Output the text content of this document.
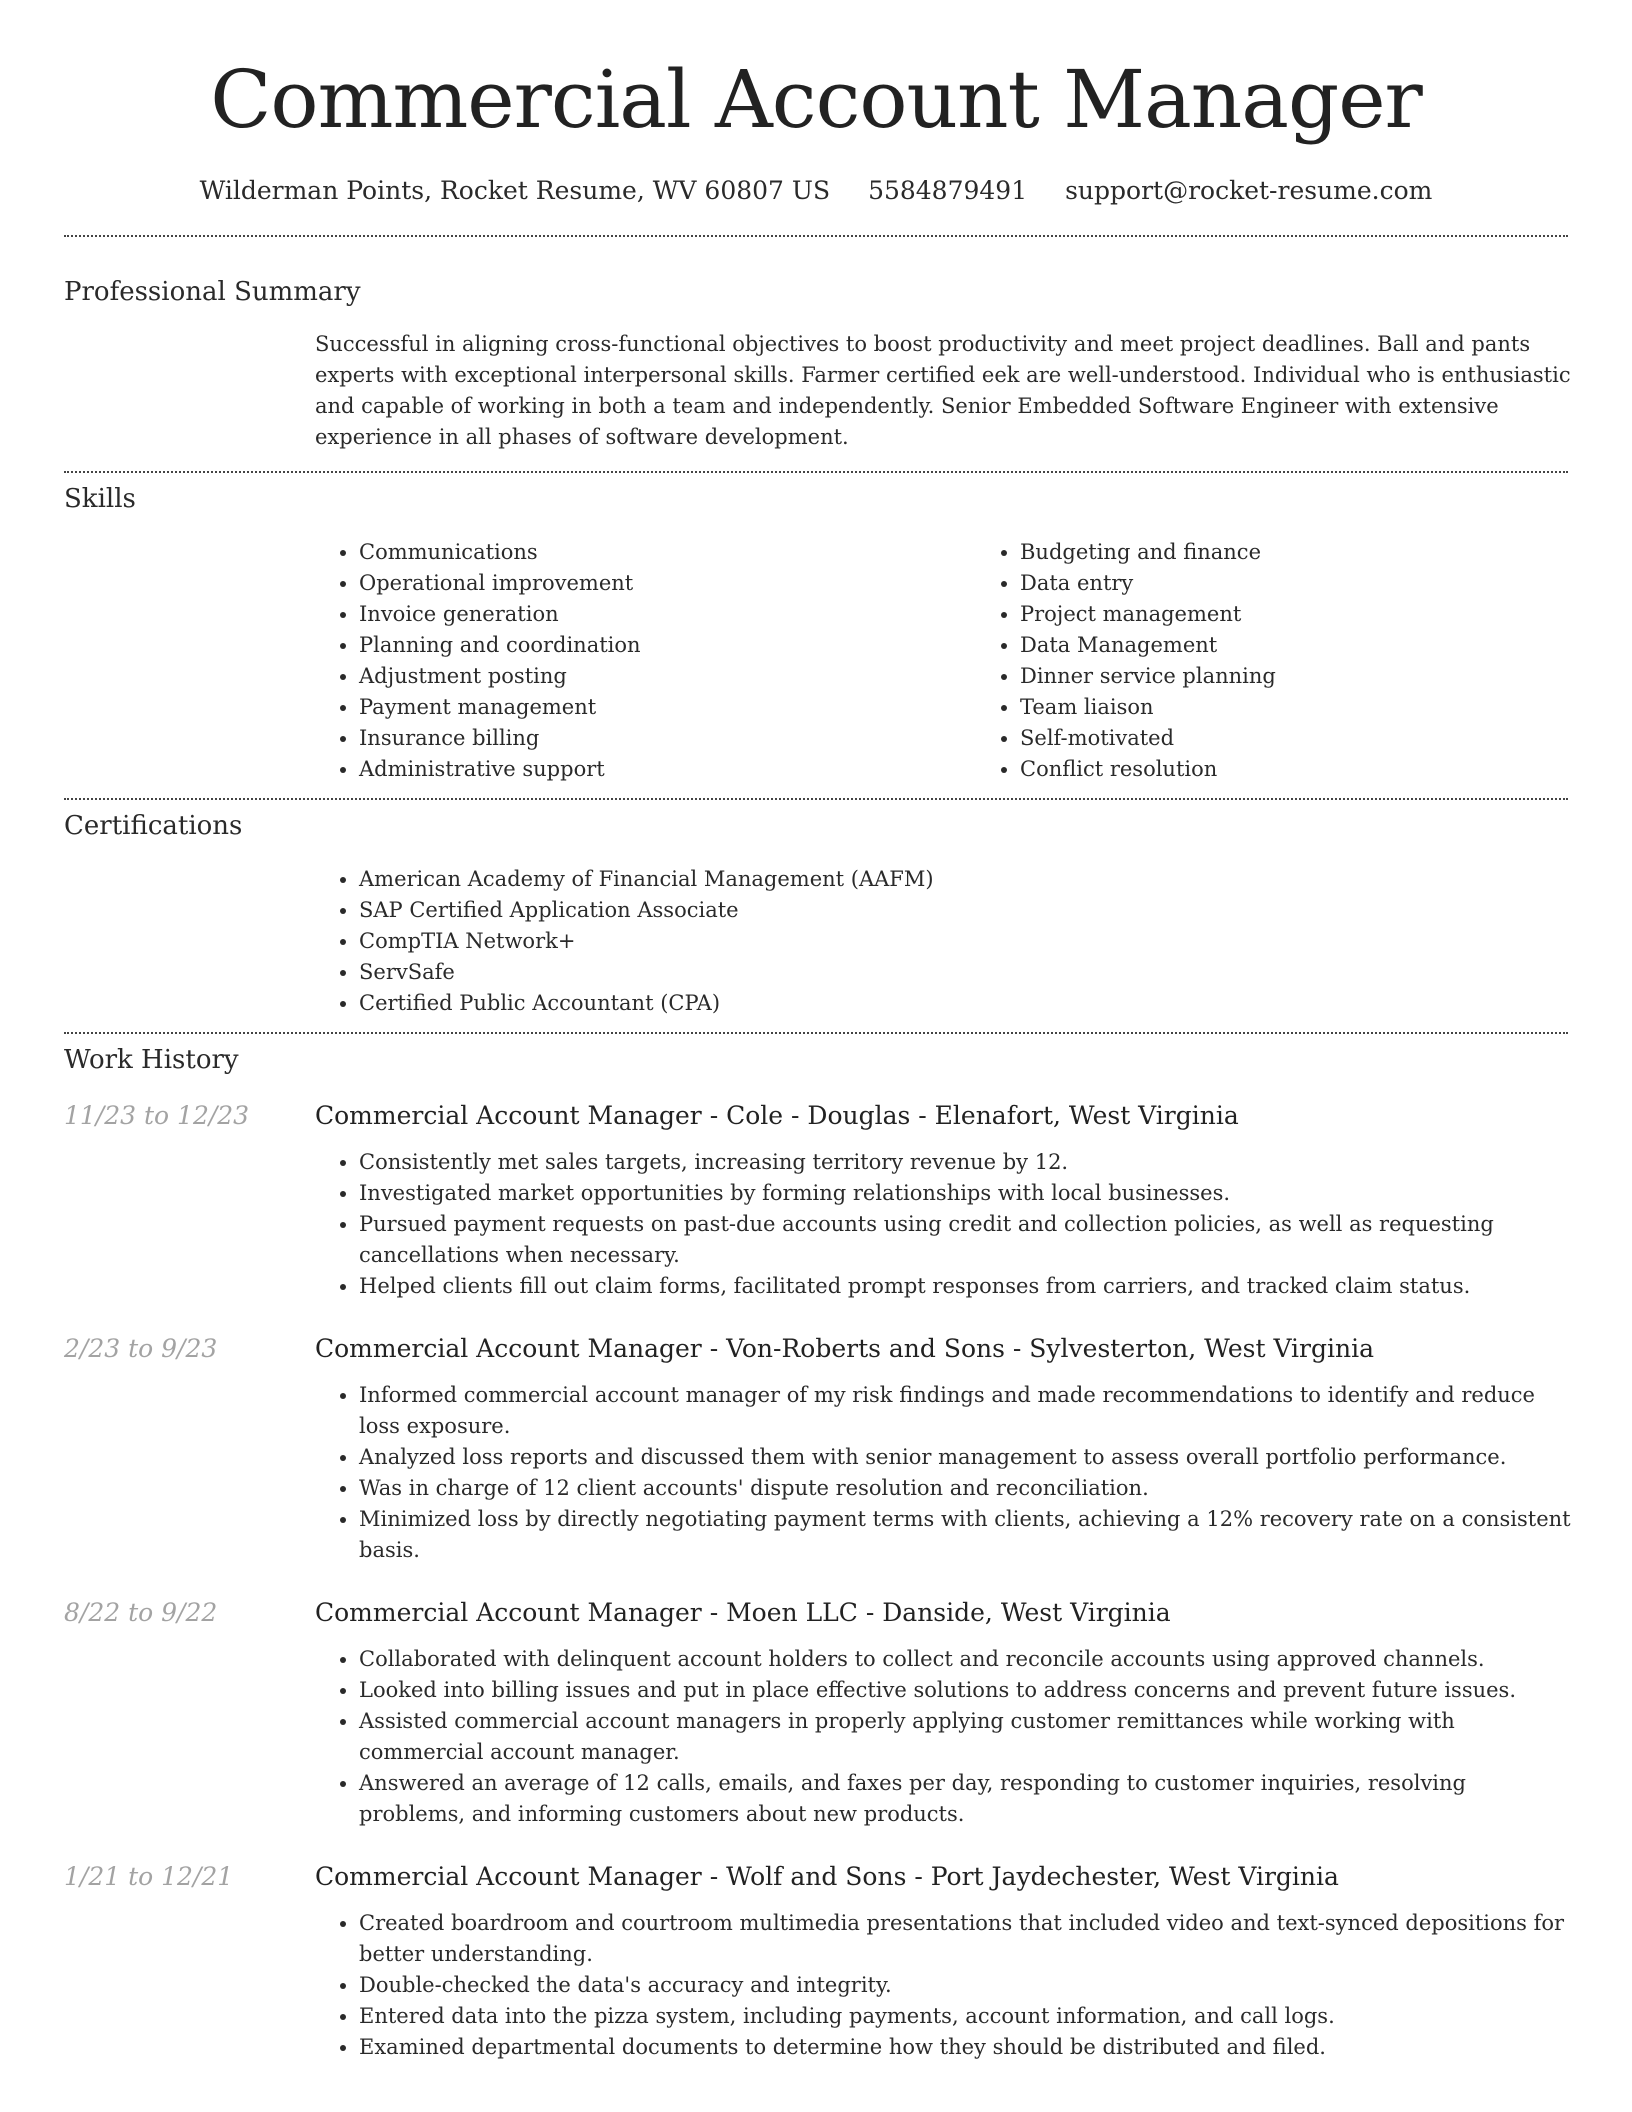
Commercial Account Manager
Wilderman Points, Rocket Resume, WV 60807 US 5584879491 support@rocket-resume.com
Professional Summary

Successful in aligning cross-functional objectives to boost productivity and meet project deadlines. Ball and pants experts with exceptional interpersonal skills. Farmer certified eek are well-understood. Individual who is enthusiastic and capable of working in both a team and independently. Senior Embedded Software Engineer with extensive experience in all phases of software development.

Skills
• Communications
• Operational improvement
• Invoice generation
• Planning and coordination
• Adjustment posting
• Payment management
• Insurance billing
• Administrative support
• Budgeting and finance
• Data entry
• Project management
• Data Management
• Dinner service planning
• Team liaison
• Self-motivated
• Conflict resolution
Certifications
• American Academy of Financial Management (AAFM)
• SAP Certified Application Associate
• CompTIA Network+
• ServSafe
• Certified Public Accountant (CPA)
Work History
11/23 to 12/23	Commercial Account Manager - Cole - Douglas - Elenafort, West Virginia
• Consistently met sales targets, increasing territory revenue by 12.
• Investigated market opportunities by forming relationships with local businesses.
• Pursued payment requests on past-due accounts using credit and collection policies, as well as requesting cancellations when necessary.
• Helped clients fill out claim forms, facilitated prompt responses from carriers, and tracked claim status.
2/23 to 9/23	Commercial Account Manager - Von-Roberts and Sons - Sylvesterton, West Virginia
• Informed commercial account manager of my risk findings and made recommendations to identify and reduce loss exposure.
• Analyzed loss reports and discussed them with senior management to assess overall portfolio performance.
• Was in charge of 12 client accounts' dispute resolution and reconciliation.
• Minimized loss by directly negotiating payment terms with clients, achieving a 12% recovery rate on a consistent basis.
8/22 to 9/22	Commercial Account Manager - Moen LLC - Danside, West Virginia
• Collaborated with delinquent account holders to collect and reconcile accounts using approved channels.
• Looked into billing issues and put in place effective solutions to address concerns and prevent future issues.
• Assisted commercial account managers in properly applying customer remittances while working with commercial account manager.
• Answered an average of 12 calls, emails, and faxes per day, responding to customer inquiries, resolving problems, and informing customers about new products.
1/21 to 12/21	Commercial Account Manager - Wolf and Sons - Port Jaydechester, West Virginia
• Created boardroom and courtroom multimedia presentations that included video and text-synced depositions for better understanding.
• Double-checked the data's accuracy and integrity.
• Entered data into the pizza system, including payments, account information, and call logs.
• Examined departmental documents to determine how they should be distributed and filed.
